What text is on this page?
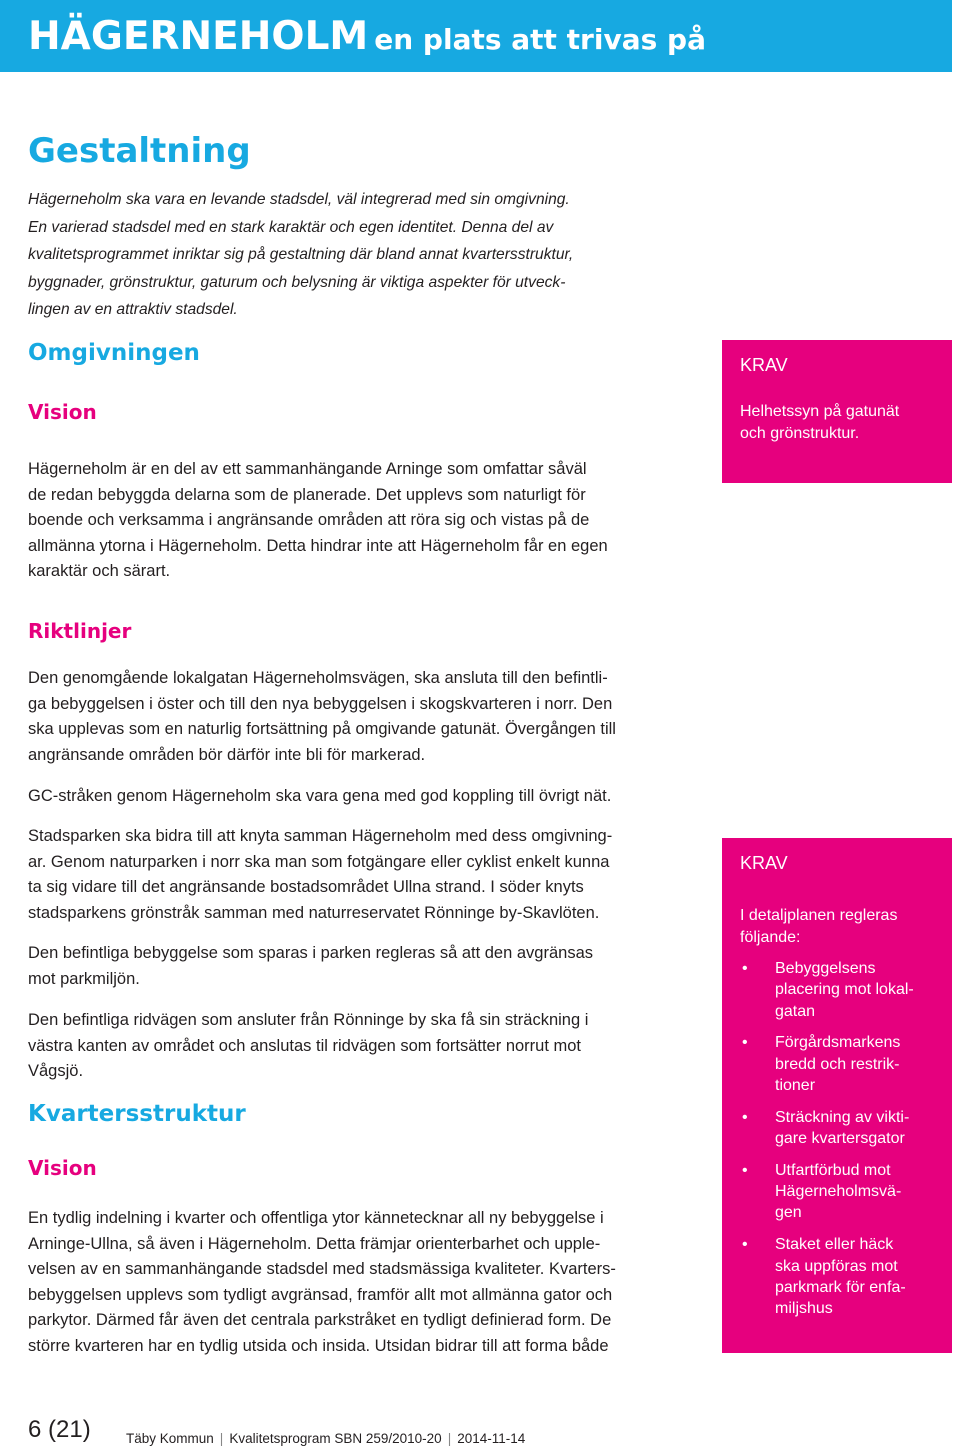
HÄGERNEHOLM en plats att trivas på
Gestaltning
Hägerneholm ska vara en levande stadsdel, väl integrerad med sin omgivning.
En varierad stadsdel med en stark karaktär och egen identitet. Denna del av
kvalitetsprogrammet inriktar sig på gestaltning där bland annat kvartersstruktur,
byggnader, grönstruktur, gaturum och belysning är viktiga aspekter för utveck-
lingen av en attraktiv stadsdel.
Omgivningen
Vision
Hägerneholm är en del av ett sammanhängande Arninge som omfattar såväl
de redan bebyggda delarna som de planerade. Det upplevs som naturligt för
boende och verksamma i angränsande områden att röra sig och vistas på de
allmänna ytorna i Hägerneholm. Detta hindrar inte att Hägerneholm får en egen
karaktär och särart.
Riktlinjer
Den genomgående lokalgatan Hägerneholmsvägen, ska ansluta till den befintli-
ga bebyggelsen i öster och till den nya bebyggelsen i skogskvarteren i norr. Den
ska upplevas som en naturlig fortsättning på omgivande gatunät. Övergången till
angränsande områden bör därför inte bli för markerad.
GC-stråken genom Hägerneholm ska vara gena med god koppling till övrigt nät.
Stadsparken ska bidra till att knyta samman Hägerneholm med dess omgivning-
ar. Genom naturparken i norr ska man som fotgängare eller cyklist enkelt kunna
ta sig vidare till det angränsande bostadsområdet Ullna strand. I söder knyts
stadsparkens grönstråk samman med naturreservatet Rönninge by-Skavlöten.
Den befintliga bebyggelse som sparas i parken regleras så att den avgränsas
mot parkmiljön.
Den befintliga ridvägen som ansluter från Rönninge by ska få sin sträckning i
västra kanten av området och anslutas til ridvägen som fortsätter norrut mot
Vågsjö.
Kvartersstruktur
Vision
En tydlig indelning i kvarter och offentliga ytor kännetecknar all ny bebyggelse i
Arninge-Ullna, så även i Hägerneholm. Detta främjar orienterbarhet och upple-
velsen av en sammanhängande stadsdel med stadsmässiga kvaliteter. Kvarters-
bebyggelsen upplevs som tydligt avgränsad, framför allt mot allmänna gator och
parkytor. Därmed får även det centrala parkstråket en tydligt definierad form. De
större kvarteren har en tydlig utsida och insida. Utsidan bidrar till att forma både
KRAV
Helhetssyn på gatunät
och grönstruktur.
KRAV
I detaljplanen regleras
följande:
• Bebyggelsens
placering mot lokal-
gatan
• Förgårdsmarkens
bredd och restrik-
tioner
• Sträckning av vikti-
gare kvartersgator
• Utfartförbud mot
Hägerneholmsvä-
gen
• Staket eller häck
ska uppföras mot
parkmark för enfa-
miljshus
6 (21)	Täby Kommun | Kvalitetsprogram SBN 259/2010-20 | 2014-11-14
